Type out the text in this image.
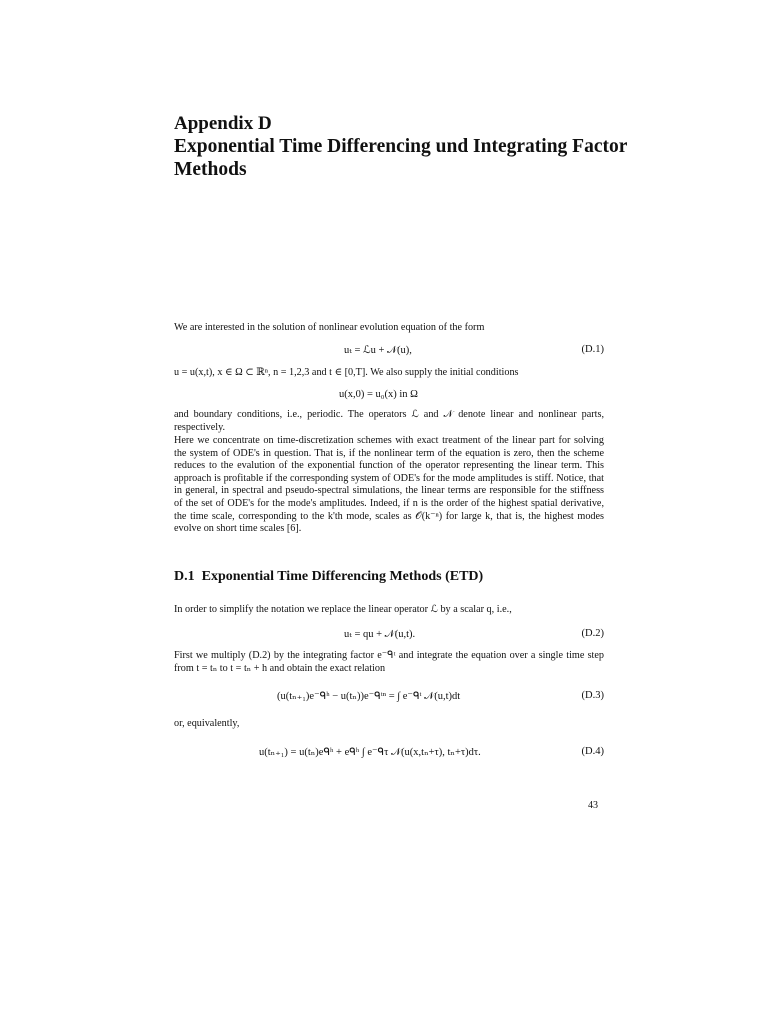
Appendix D
Exponential Time Differencing und Integrating Factor Methods
We are interested in the solution of nonlinear evolution equation of the form
uₜ = ℒu + 𝒩(u),	(D.1)
u = u(x,t), x ∈ Ω ⊂ ℝⁿ, n = 1,2,3 and t ∈ [0,T]. We also supply the initial conditions
u(x,0) = u₀(x) in Ω
and boundary conditions, i.e., periodic. The operators ℒ and 𝒩 denote linear and nonlinear parts, respectively.
Here we concentrate on time-discretization schemes with exact treatment of the linear part for solving the system of ODE's in question. That is, if the nonlinear term of the equation is zero, then the scheme reduces to the evalution of the exponential function of the operator representing the linear term. This approach is profitable if the corresponding system of ODE's for the mode amplitudes is stiff. Notice, that in general, in spectral and pseudo-spectral simulations, the linear terms are responsible for the stiffness of the set of ODE's for the mode's amplitudes. Indeed, if n is the order of the highest spatial derivative, the time scale, corresponding to the k'th mode, scales as 𝒪(k⁻ⁿ) for large k, that is, the highest modes evolve on short time scales [6].
D.1 Exponential Time Differencing Methods (ETD)
In order to simplify the notation we replace the linear operator ℒ by a scalar q, i.e.,
uₜ = qu + 𝒩(u,t).	(D.2)
First we multiply (D.2) by the integrating factor e⁻ᑫᵗ and integrate the equation over a single time step from t = tₙ to t = tₙ + h and obtain the exact relation
(u(tₙ₊₁)e⁻ᑫʰ − u(tₙ))e⁻ᑫᵗⁿ = ∫ e⁻ᑫᵗ 𝒩(u,t)dt	(D.3)
or, equivalently,
u(tₙ₊₁) = u(tₙ)eᑫʰ + eᑫʰ ∫ e⁻ᑫτ 𝒩(u(x,tₙ+τ), tₙ+τ)dτ.	(D.4)
43
